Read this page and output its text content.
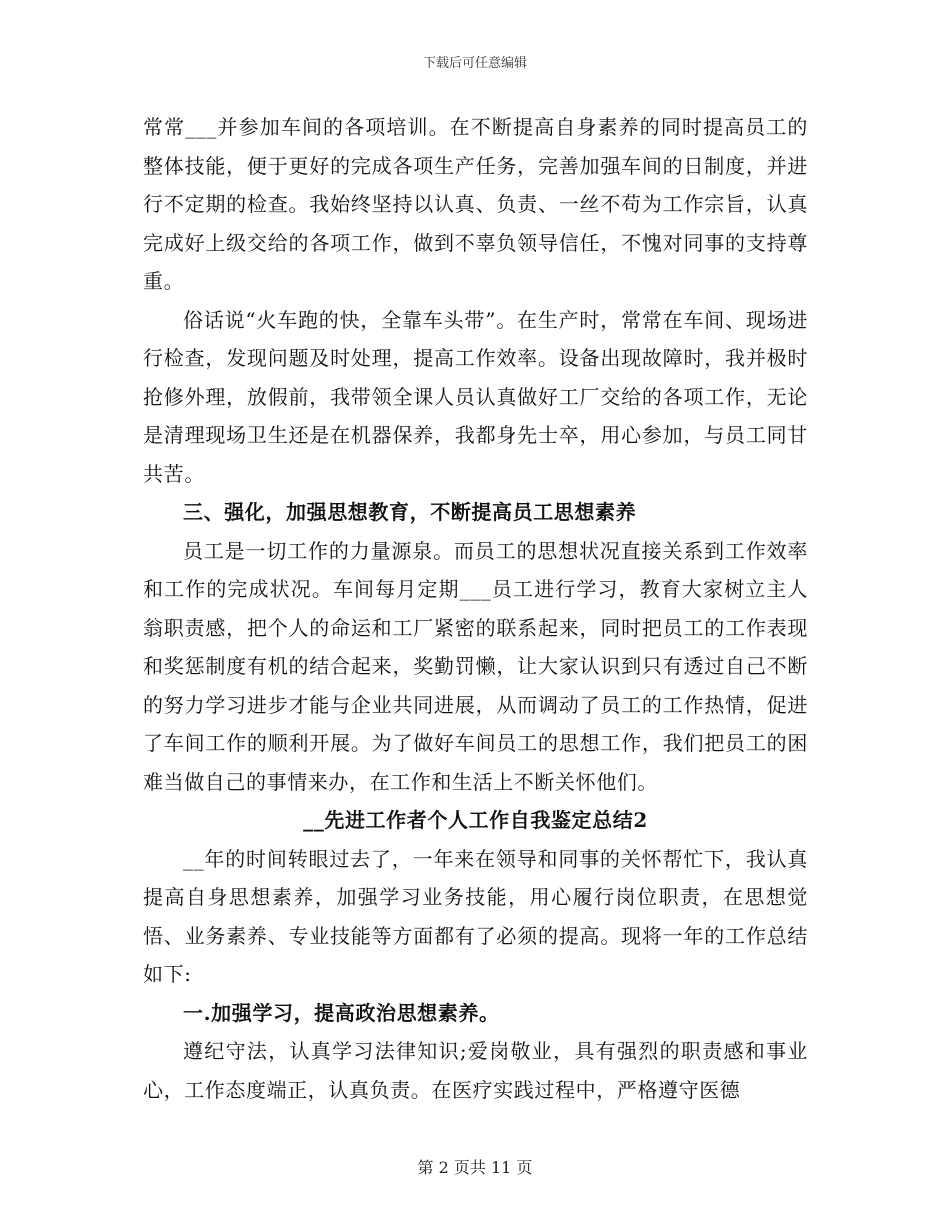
下载后可任意编辑

常常___并参加车间的各项培训。在不断提高自身素养的同时提高员工的整体技能，便于更好的完成各项生产任务，完善加强车间的日制度，并进行不定期的检查。我始终坚持以认真、负责、一丝不苟为工作宗旨，认真完成好上级交给的各项工作，做到不辜负领导信任，不愧对同事的支持尊重。

俗话说“火车跑的快，全靠车头带”。在生产时，常常在车间、现场进行检查，发现问题及时处理，提高工作效率。设备出现故障时，我并极时抢修外理，放假前，我带领全课人员认真做好工厂交给的各项工作，无论是清理现场卫生还是在机器保养，我都身先士卒，用心参加，与员工同甘共苦。

三、强化，加强思想教育，不断提高员工思想素养

员工是一切工作的力量源泉。而员工的思想状况直接关系到工作效率和工作的完成状况。车间每月定期___员工进行学习，教育大家树立主人翁职责感，把个人的命运和工厂紧密的联系起来，同时把员工的工作表现和奖惩制度有机的结合起来，奖勤罚懒，让大家认识到只有透过自己不断的努力学习进步才能与企业共同进展，从而调动了员工的工作热情，促进了车间工作的顺利开展。为了做好车间员工的思想工作，我们把员工的困难当做自己的事情来办，在工作和生活上不断关怀他们。

__先进工作者个人工作自我鉴定总结2

__年的时间转眼过去了，一年来在领导和同事的关怀帮忙下，我认真提高自身思想素养，加强学习业务技能，用心履行岗位职责，在思想觉悟、业务素养、专业技能等方面都有了必须的提高。现将一年的工作总结如下:

一.加强学习，提高政治思想素养。

遵纪守法，认真学习法律知识;爱岗敬业，具有强烈的职责感和事业心，工作态度端正，认真负责。在医疗实践过程中，严格遵守医德

第 2 页共 11 页
